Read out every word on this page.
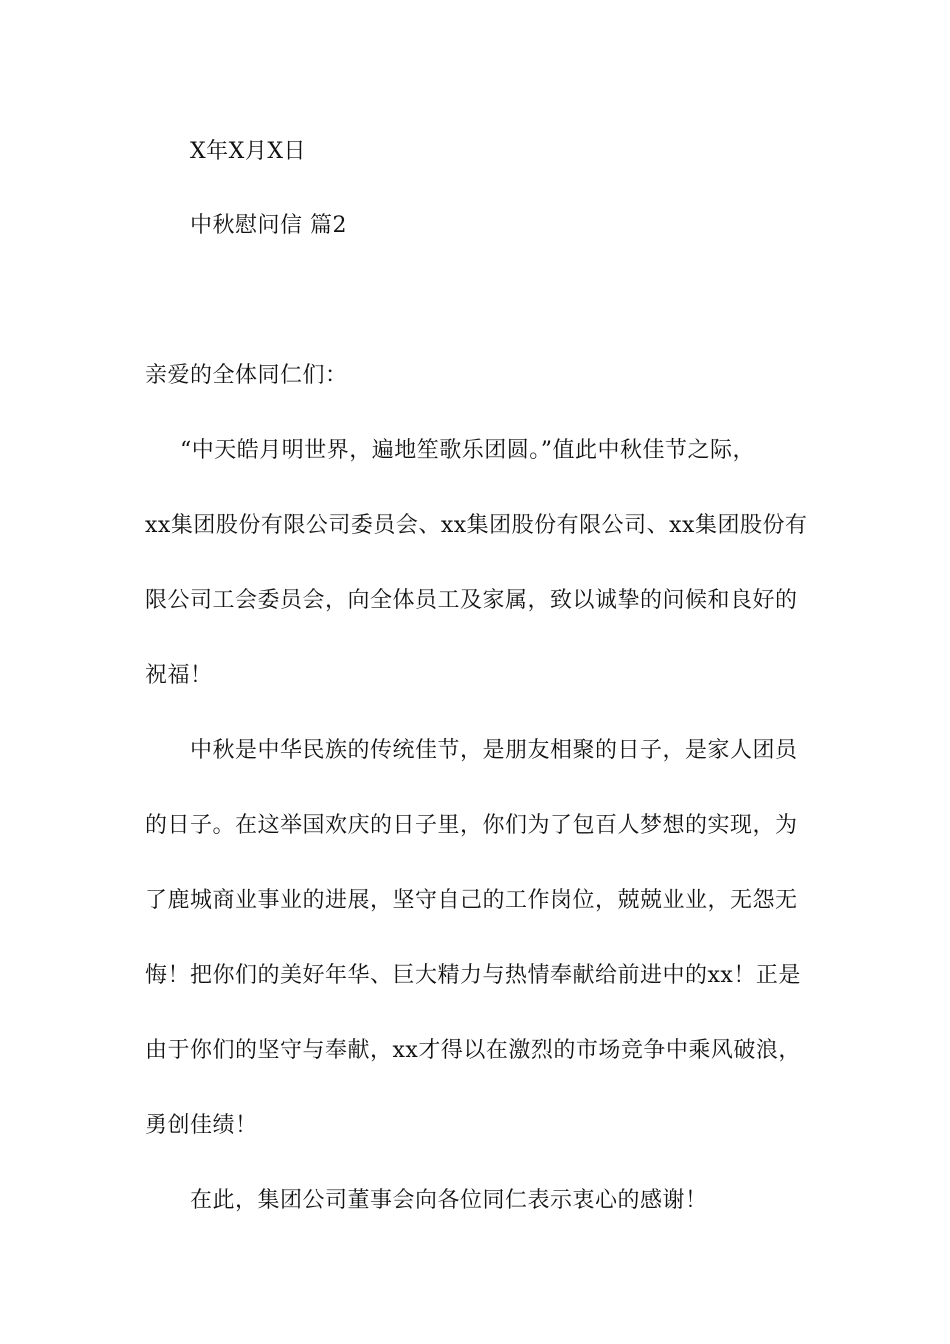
X年X月X日
中秋慰问信 篇2
亲爱的全体同仁们：
“中天皓月明世界，遍地笙歌乐团圆。”值此中秋佳节之际，
xx集团股份有限公司委员会、xx集团股份有限公司、xx集团股份有
限公司工会委员会，向全体员工及家属，致以诚挚的问候和良好的
祝福！
中秋是中华民族的传统佳节，是朋友相聚的日子，是家人团员
的日子。在这举国欢庆的日子里，你们为了包百人梦想的实现，为
了鹿城商业事业的进展，坚守自己的工作岗位，兢兢业业，无怨无
悔！把你们的美好年华、巨大精力与热情奉献给前进中的xx！正是
由于你们的坚守与奉献，xx才得以在激烈的市场竞争中乘风破浪，
勇创佳绩！
在此，集团公司董事会向各位同仁表示衷心的感谢！
